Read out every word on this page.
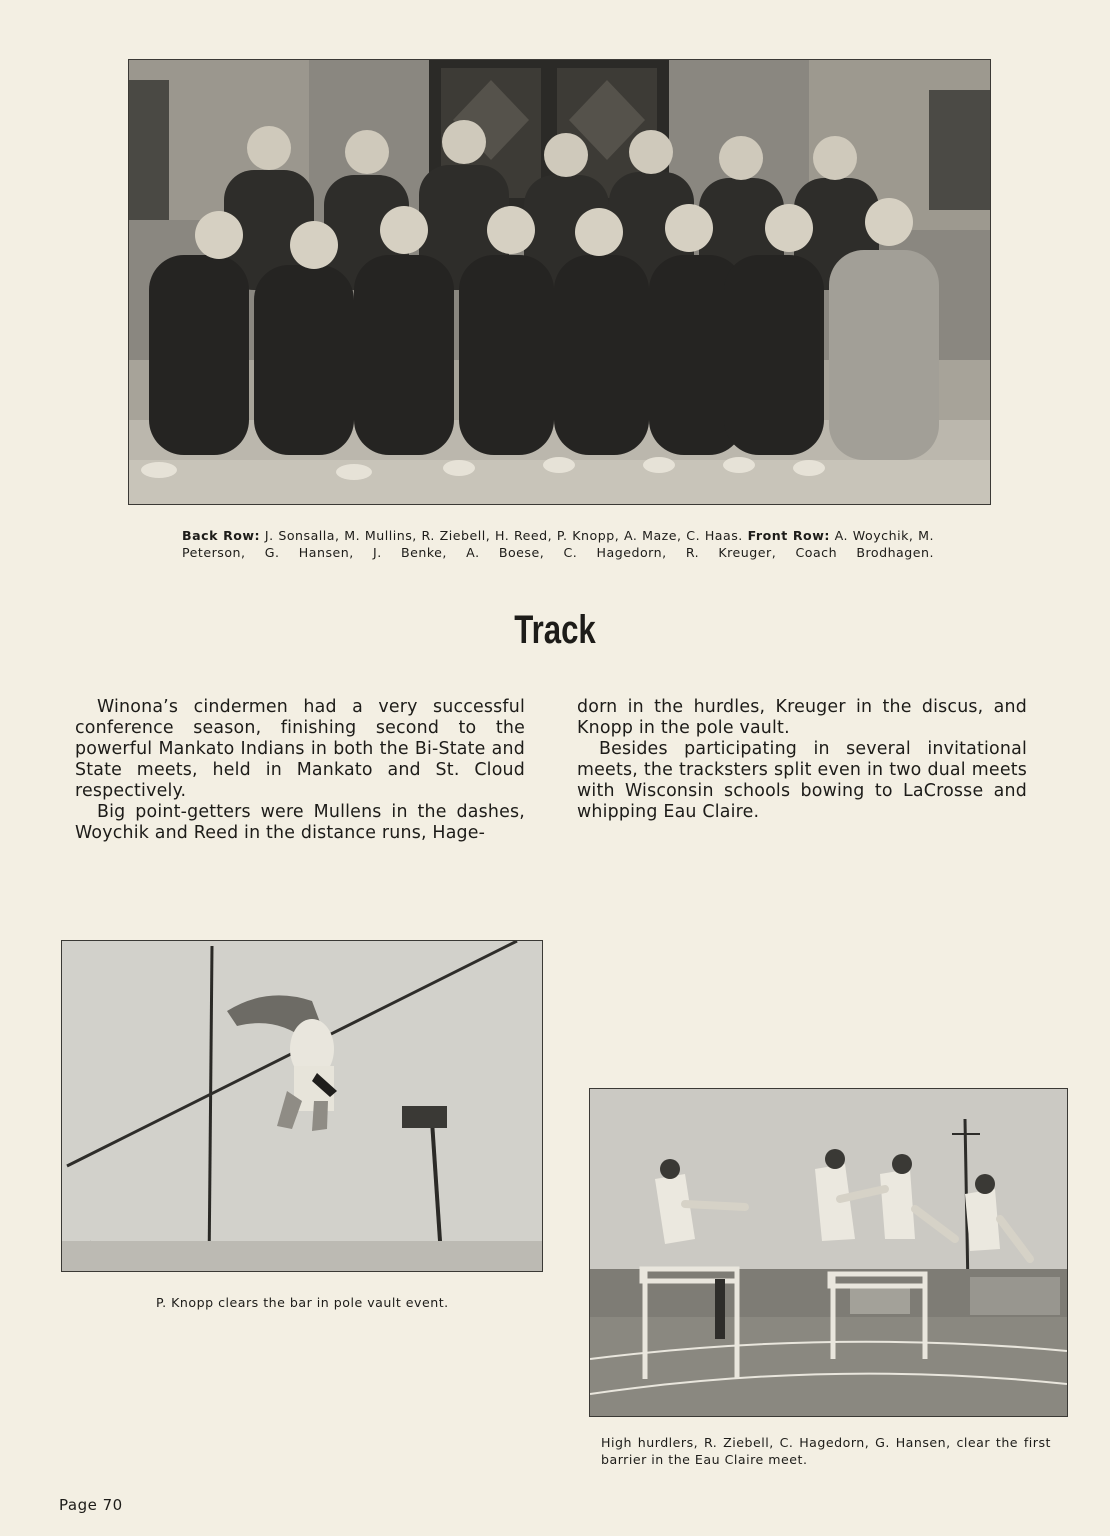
Back Row: J. Sonsalla, M. Mullins, R. Ziebell, H. Reed, P. Knopp, A. Maze, C. Haas. Front Row: A. Woychik, M. Peterson, G. Hansen, J. Benke, A. Boese, C. Hagedorn, R. Kreuger, Coach Brodhagen.

Track

Winona’s cindermen had a very successful conference season, finishing second to the powerful Mankato Indians in both the Bi-State and State meets, held in Mankato and St. Cloud respectively.

Big point-getters were Mullens in the dashes, Woychik and Reed in the distance runs, Hage-

dorn in the hurdles, Kreuger in the discus, and Knopp in the pole vault.

Besides participating in several invitational meets, the tracksters split even in two dual meets with Wisconsin schools bowing to LaCrosse and whipping Eau Claire.

P. Knopp clears the bar in pole vault event.

High hurdlers, R. Ziebell, C. Hagedorn, G. Hansen, clear the first barrier in the Eau Claire meet.

Page 70
